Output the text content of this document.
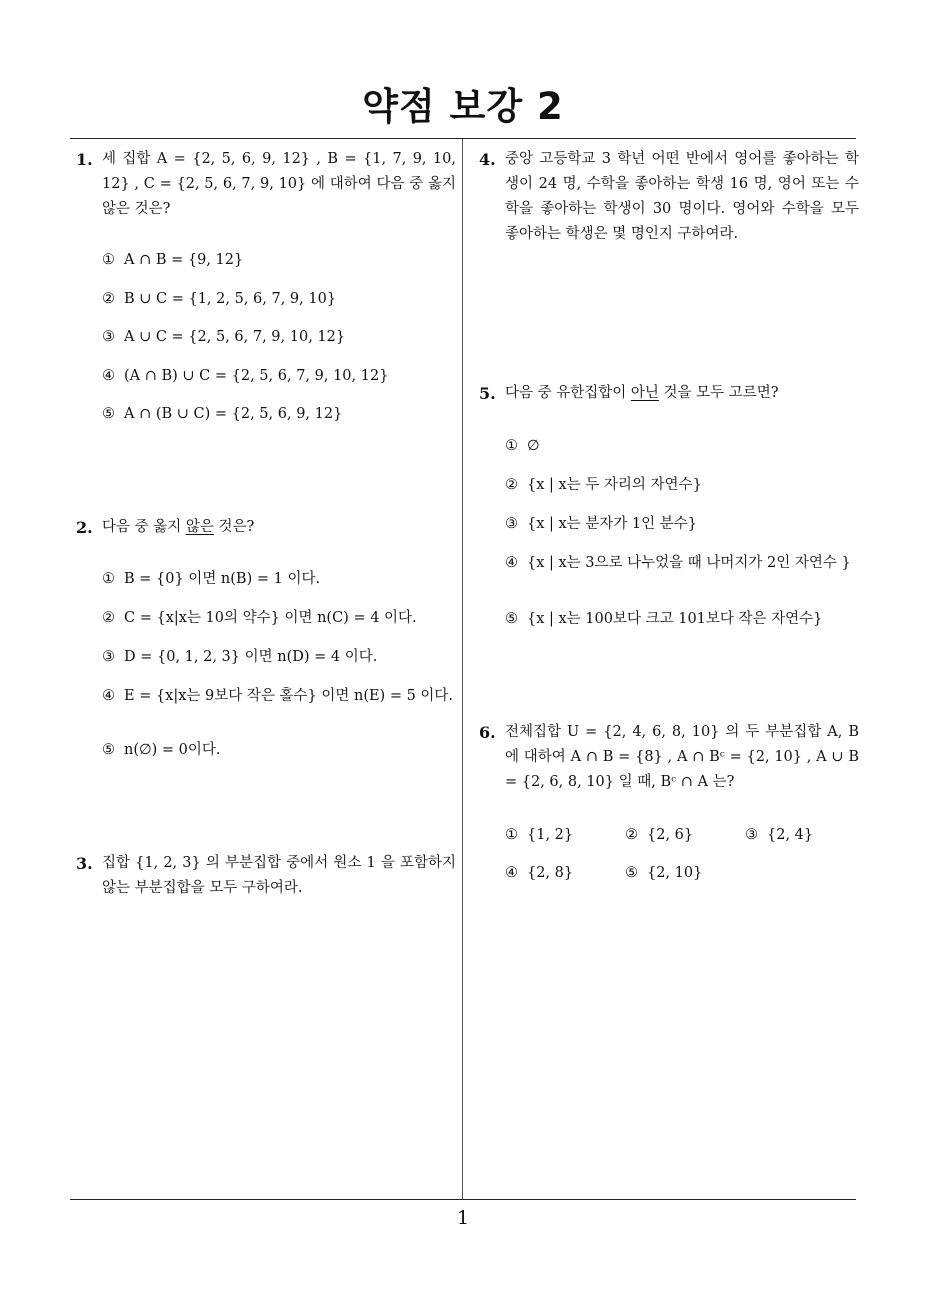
약점 보강 2
1. 세 집합 A = {2, 5, 6, 9, 12} , B = {1, 7, 9, 10, 12} , C = {2, 5, 6, 7, 9, 10} 에 대하여 다음 중 옳지 않은 것은?
① A ∩ B = {9, 12}
② B ∪ C = {1, 2, 5, 6, 7, 9, 10}
③ A ∪ C = {2, 5, 6, 7, 9, 10, 12}
④ (A ∩ B) ∪ C = {2, 5, 6, 7, 9, 10, 12}
⑤ A ∩ (B ∪ C) = {2, 5, 6, 9, 12}
2. 다음 중 옳지 않은 것은?
① B = {0} 이면 n(B) = 1 이다.
② C = {x|x는 10의 약수} 이면 n(C) = 4 이다.
③ D = {0, 1, 2, 3} 이면 n(D) = 4 이다.
④ E = {x|x는 9보다 작은 홀수} 이면 n(E) = 5 이다.
⑤ n(∅) = 0이다.
3. 집합 {1, 2, 3} 의 부분집합 중에서 원소 1 을 포함하지 않는 부분집합을 모두 구하여라.
4. 중앙 고등학교 3 학년 어떤 반에서 영어를 좋아하는 학생이 24 명, 수학을 좋아하는 학생 16 명, 영어 또는 수학을 좋아하는 학생이 30 명이다. 영어와 수학을 모두 좋아하는 학생은 몇 명인지 구하여라.
5. 다음 중 유한집합이 아닌 것을 모두 고르면?
① ∅
② {x | x는 두 자리의 자연수}
③ {x | x는 분자가 1인 분수}
④ {x | x는 3으로 나누었을 때 나머지가 2인 자연수 }
⑤ {x | x는 100보다 크고 101보다 작은 자연수}
6. 전체집합 U = {2, 4, 6, 8, 10} 의 두 부분집합 A, B 에 대하여 A ∩ B = {8} , A ∩ Bᶜ = {2, 10} , A ∪ B = {2, 6, 8, 10} 일 때, Bᶜ ∩ A 는?
① {1, 2}	② {2, 6}	③ {2, 4}
④ {2, 8}	⑤ {2, 10}
1
